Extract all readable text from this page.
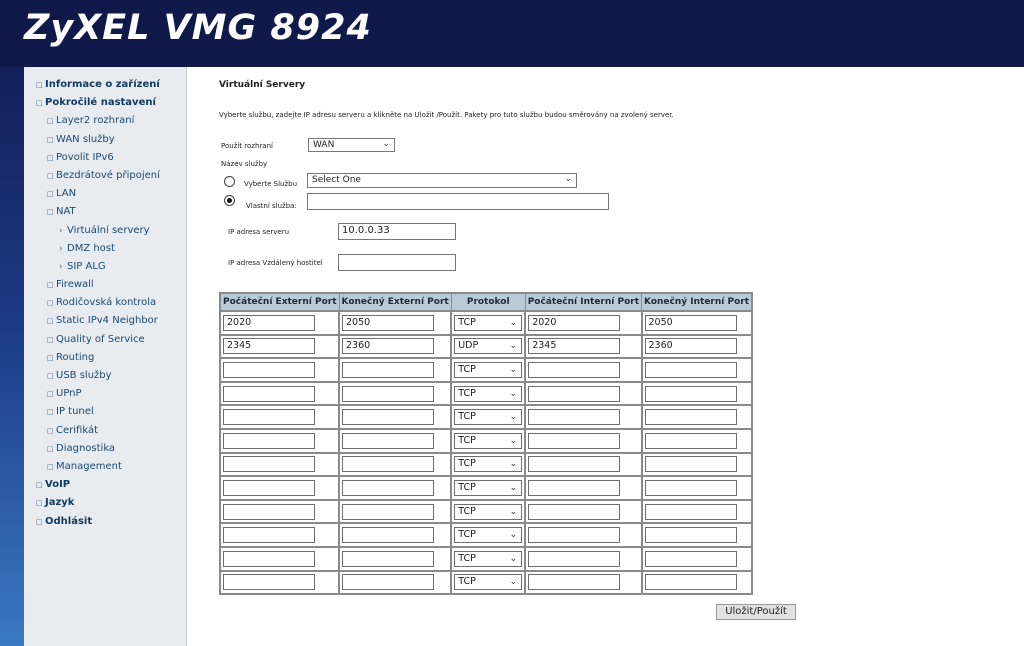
ZyXEL VMG 8924
□ Informace o zařízení
□ Pokročilé nastavení
□ Layer2 rozhraní
□ WAN služby
□ Povolit IPv6
□ Bezdrátové připojení
□ LAN
□ NAT
› Virtuální servery
› DMZ host
› SIP ALG
□ Firewall
□ Rodičovská kontrola
□ Static IPv4 Neighbor
□ Quality of Service
□ Routing
□ USB služby
□ UPnP
□ IP tunel
□ Cerifikát
□ Diagnostika
□ Management
□ VoIP
□ Jazyk
□ Odhlásit
Virtuální Servery
Vyberte službu, zadejte IP adresu serveru a klikněte na Uložit /Použít. Pakety pro tuto službu budou směrovány na zvolený server.
Použít rozhraní	WAN	⌄
Název služby
Vyberte Službu	Select One	⌄
Vlastní služba:
IP adresa serveru	10.0.0.33
IP adresa Vzdálený hostitel
Počáteční Externí Port	Konečný Externí Port	Protokol	Počáteční Interní Port	Konečný Interní Port

2020	2050	TCP ⌄	2020	2050

2345	2360	UDP ⌄	2345	2360

		TCP ⌄		

		TCP ⌄		

		TCP ⌄		

		TCP ⌄		

		TCP ⌄		

		TCP ⌄		

		TCP ⌄		

		TCP ⌄		

		TCP ⌄		

		TCP ⌄		

Uložit/Použít
